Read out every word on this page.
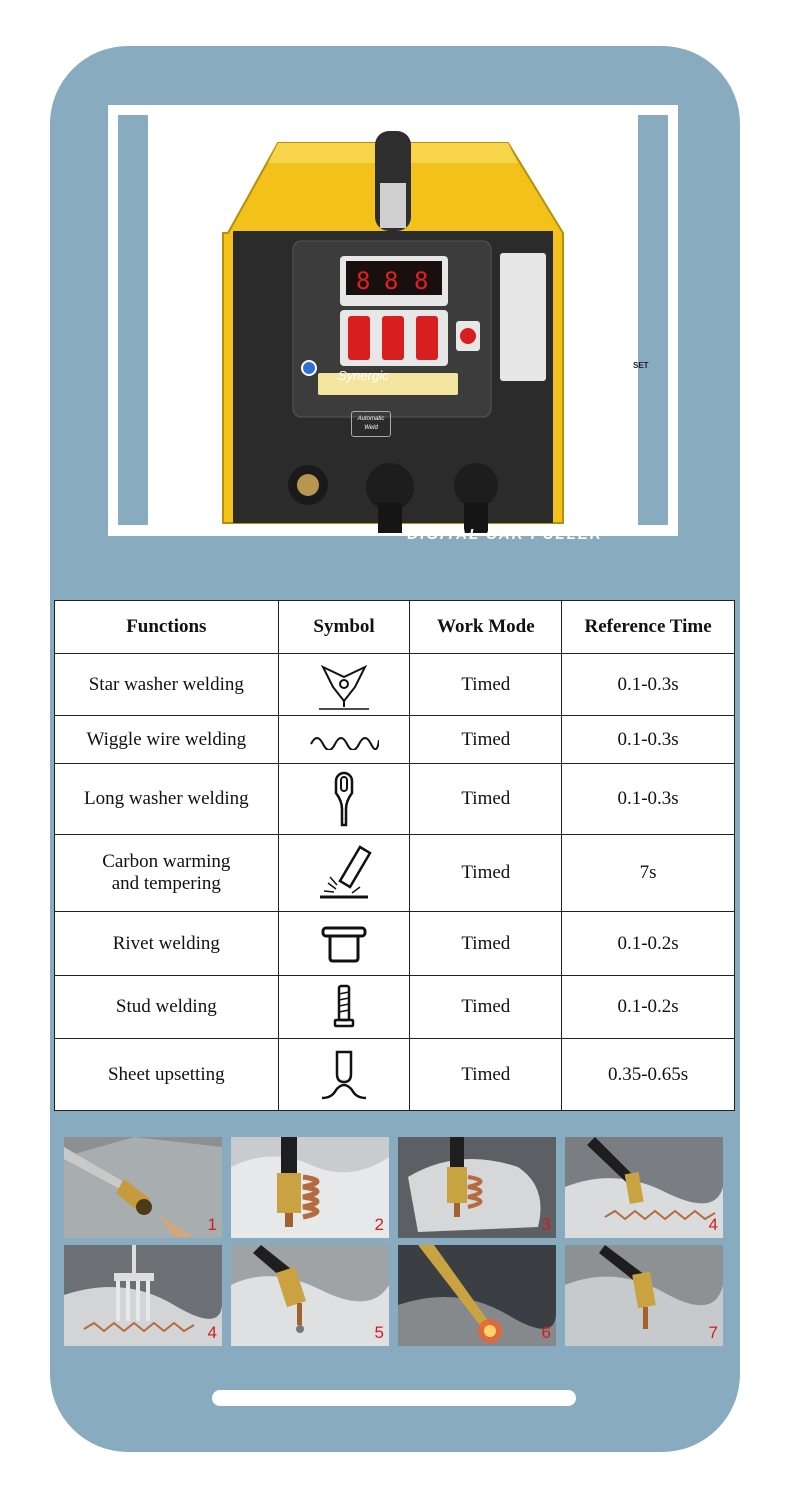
8 8 8
Synergic
Automatic
Weld
SET
DIGITAL CAR PULLER
Functions	Symbol	Work Mode	Reference Time
Star washer welding		Timed	0.1-0.3s
Wiggle wire welding		Timed	0.1-0.3s
Long washer welding		Timed	0.1-0.3s
Carbon warming
and tempering		Timed	7s
Rivet welding		Timed	0.1-0.2s
Stud welding		Timed	0.1-0.2s
Sheet upsetting		Timed	0.35-0.65s
1	2	3	4
4	5	6	7
